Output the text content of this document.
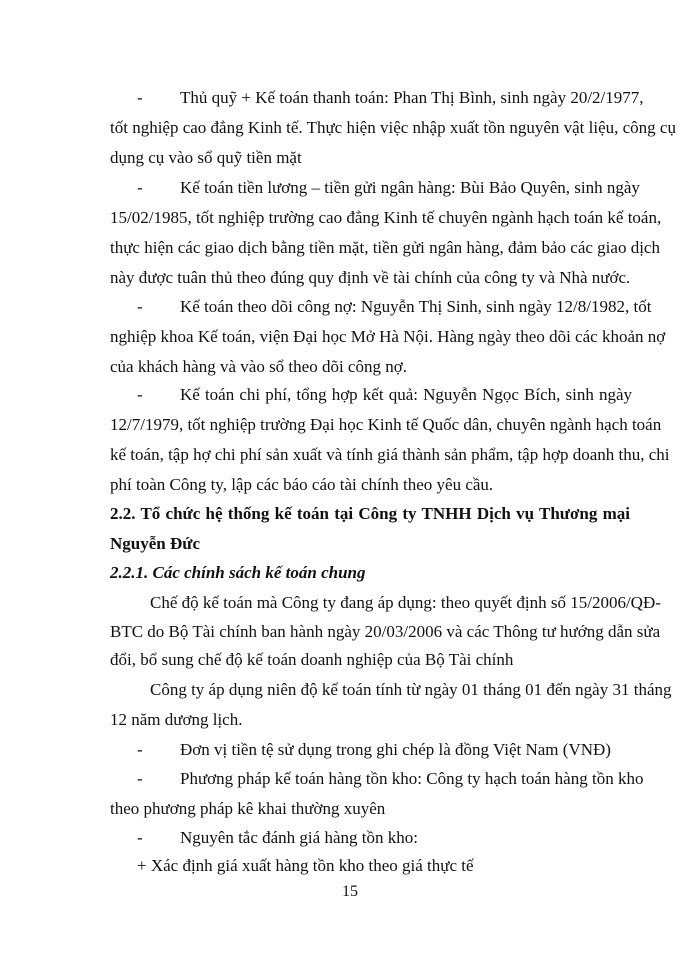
- Thủ quỹ + Kế toán thanh toán: Phan Thị Bình, sinh ngày 20/2/1977,
tốt nghiệp cao đẳng Kinh tế. Thực hiện việc nhập xuất tồn nguyên vật liệu, công cụ
dụng cụ vào sổ quỹ tiền mặt
- Kế toán tiền lương – tiền gửi ngân hàng: Bùi Bảo Quyên, sinh ngày
15/02/1985, tốt nghiệp trường cao đẳng Kinh tế chuyên ngành hạch toán kế toán,
thực hiện các giao dịch bằng tiền mặt, tiền gửi ngân hàng, đảm bảo các giao dịch
này được tuân thủ theo đúng quy định về tài chính của công ty và Nhà nước.
- Kế toán theo dõi công nợ: Nguyễn Thị Sinh, sinh ngày 12/8/1982, tốt
nghiệp khoa Kế toán, viện Đại học Mở Hà Nội. Hàng ngày theo dõi các khoản nợ
của khách hàng và vào sổ theo dõi công nợ.
- Kế toán chi phí, tổng hợp kết quả: Nguyễn Ngọc Bích, sinh ngày
12/7/1979, tốt nghiệp trường Đại học Kinh tế Quốc dân, chuyên ngành hạch toán
kế toán, tập hợ chi phí sản xuất và tính giá thành sản phẩm, tập hợp doanh thu, chi
phí toàn Công ty, lập các báo cáo tài chính theo yêu cầu.
2.2. Tổ chức hệ thống kế toán tại Công ty TNHH Dịch vụ Thương mại
Nguyễn Đức
2.2.1. Các chính sách kế toán chung
Chế độ kế toán mà Công ty đang áp dụng: theo quyết định số 15/2006/QĐ-
BTC do Bộ Tài chính ban hành ngày 20/03/2006 và các Thông tư hướng dẫn sửa
đổi, bổ sung chế độ kế toán doanh nghiệp của Bộ Tài chính
Công ty áp dụng niên độ kế toán tính từ ngày 01 tháng 01 đến ngày 31 tháng
12 năm dương lịch.
- Đơn vị tiền tệ sử dụng trong ghi chép là đồng Việt Nam (VNĐ)
- Phương pháp kế toán hàng tồn kho: Công ty hạch toán hàng tồn kho
theo phương pháp kê khai thường xuyên
- Nguyên tắc đánh giá hàng tồn kho:
+ Xác định giá xuất hàng tồn kho theo giá thực tế
15
